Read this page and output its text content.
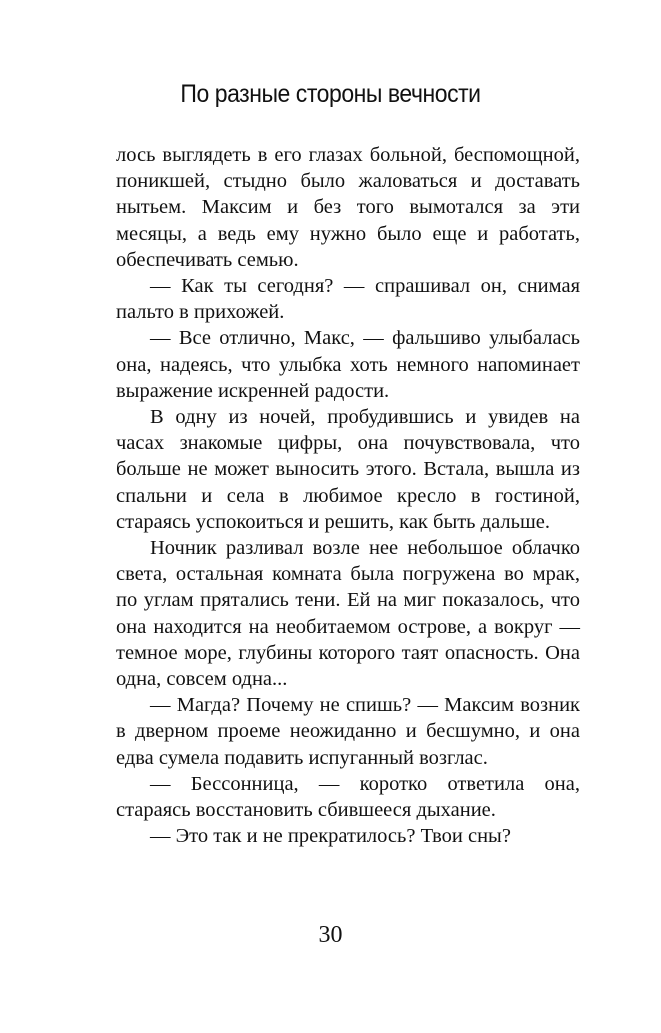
По разные стороны вечности

лось выглядеть в его глазах больной, беспомощной, поникшей, стыдно было жаловаться и доставать нытьем. Максим и без того вымотался за эти месяцы, а ведь ему нужно было еще и работать, обеспечивать семью.

— Как ты сегодня? — спрашивал он, снимая пальто в прихожей.

— Все отлично, Макс, — фальшиво улыбалась она, надеясь, что улыбка хоть немного напоминает выражение искренней радости.

В одну из ночей, пробудившись и увидев на часах знакомые цифры, она почувствовала, что больше не может выносить этого. Встала, вышла из спальни и села в любимое кресло в гостиной, стараясь успокоиться и решить, как быть дальше.

Ночник разливал возле нее небольшое облачко света, остальная комната была погружена во мрак, по углам прятались тени. Ей на миг показалось, что она находится на необитаемом острове, а вокруг — темное море, глубины которого таят опасность. Она одна, совсем одна...

— Магда? Почему не спишь? — Максим возник в дверном проеме неожиданно и бесшумно, и она едва сумела подавить испуганный возглас.

— Бессонница, — коротко ответила она, стараясь восстановить сбившееся дыхание.

— Это так и не прекратилось? Твои сны?

30
